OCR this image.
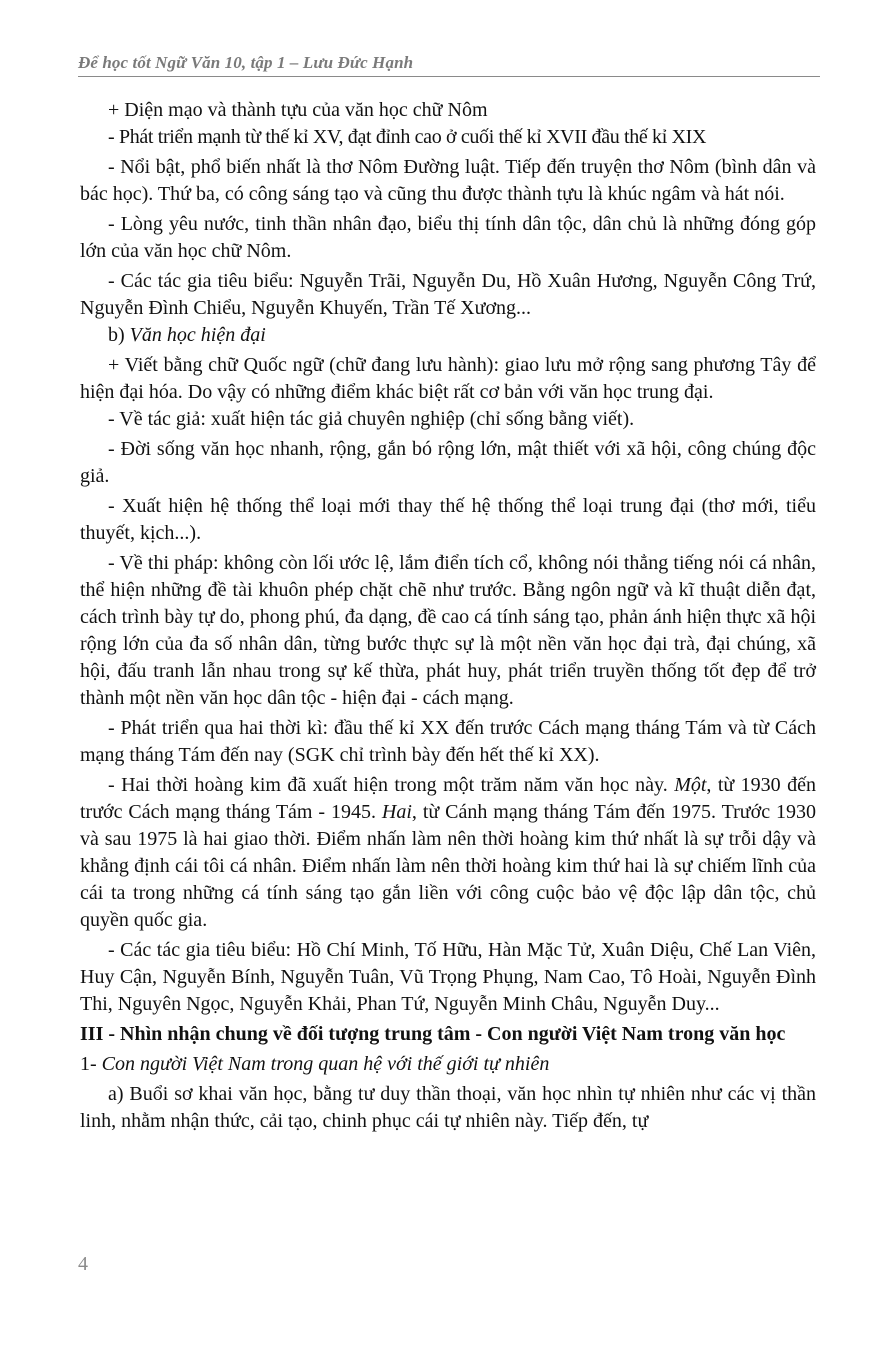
Để học tốt Ngữ Văn 10, tập 1 – Lưu Đức Hạnh

+ Diện mạo và thành tựu của văn học chữ Nôm

- Phát triển mạnh từ thế kỉ XV, đạt đỉnh cao ở cuối thế kỉ XVII đầu thế kỉ XIX

- Nổi bật, phổ biến nhất là thơ Nôm Đường luật. Tiếp đến truyện thơ Nôm (bình dân và bác học). Thứ ba, có công sáng tạo và cũng thu được thành tựu là khúc ngâm và hát nói.

- Lòng yêu nước, tinh thần nhân đạo, biểu thị tính dân tộc, dân chủ là những đóng góp lớn của văn học chữ Nôm.

- Các tác gia tiêu biểu: Nguyễn Trãi, Nguyễn Du, Hồ Xuân Hương, Nguyễn Công Trứ, Nguyễn Đình Chiểu, Nguyễn Khuyến, Trần Tế Xương...

b) Văn học hiện đại

+ Viết bằng chữ Quốc ngữ (chữ đang lưu hành): giao lưu mở rộng sang phương Tây để hiện đại hóa. Do vậy có những điểm khác biệt rất cơ bản với văn học trung đại.

- Về tác giả: xuất hiện tác giả chuyên nghiệp (chỉ sống bằng viết).

- Đời sống văn học nhanh, rộng, gắn bó rộng lớn, mật thiết với xã hội, công chúng độc giả.

- Xuất hiện hệ thống thể loại mới thay thế hệ thống thể loại trung đại (thơ mới, tiểu thuyết, kịch...).

- Về thi pháp: không còn lối ước lệ, lắm điển tích cổ, không nói thẳng tiếng nói cá nhân, thể hiện những đề tài khuôn phép chặt chẽ như trước. Bằng ngôn ngữ và kĩ thuật diễn đạt, cách trình bày tự do, phong phú, đa dạng, đề cao cá tính sáng tạo, phản ánh hiện thực xã hội rộng lớn của đa số nhân dân, từng bước thực sự là một nền văn học đại trà, đại chúng, xã hội, đấu tranh lẫn nhau trong sự kế thừa, phát huy, phát triển truyền thống tốt đẹp để trở thành một nền văn học dân tộc - hiện đại - cách mạng.

- Phát triển qua hai thời kì: đầu thế kỉ XX đến trước Cách mạng tháng Tám và từ Cách mạng tháng Tám đến nay (SGK chỉ trình bày đến hết thế kỉ XX).

- Hai thời hoàng kim đã xuất hiện trong một trăm năm văn học này. Một, từ 1930 đến trước Cách mạng tháng Tám - 1945. Hai, từ Cánh mạng tháng Tám đến 1975. Trước 1930 và sau 1975 là hai giao thời. Điểm nhấn làm nên thời hoàng kim thứ nhất là sự trỗi dậy và khẳng định cái tôi cá nhân. Điểm nhấn làm nên thời hoàng kim thứ hai là sự chiếm lĩnh của cái ta trong những cá tính sáng tạo gắn liền với công cuộc bảo vệ độc lập dân tộc, chủ quyền quốc gia.

- Các tác gia tiêu biểu: Hồ Chí Minh, Tố Hữu, Hàn Mặc Tử, Xuân Diệu, Chế Lan Viên, Huy Cận, Nguyễn Bính, Nguyễn Tuân, Vũ Trọng Phụng, Nam Cao, Tô Hoài, Nguyễn Đình Thi, Nguyên Ngọc, Nguyễn Khải, Phan Tứ, Nguyễn Minh Châu, Nguyễn Duy...

III - Nhìn nhận chung về đối tượng trung tâm - Con người Việt Nam trong văn học

1- Con người Việt Nam trong quan hệ với thế giới tự nhiên

a) Buổi sơ khai văn học, bằng tư duy thần thoại, văn học nhìn tự nhiên như các vị thần linh, nhằm nhận thức, cải tạo, chinh phục cái tự nhiên này. Tiếp đến, tự

4
